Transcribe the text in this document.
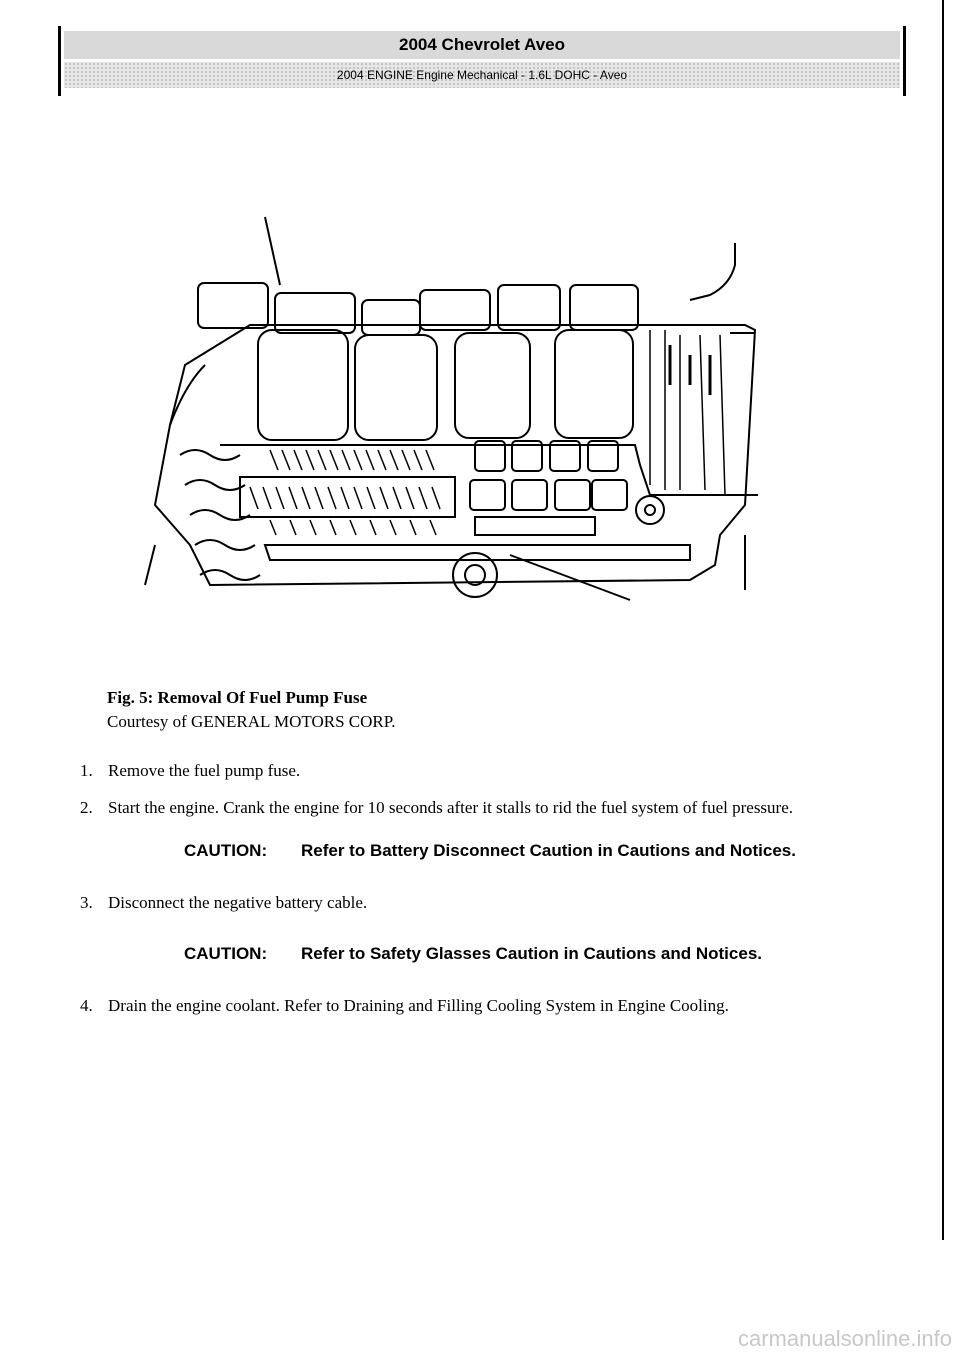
2004 Chevrolet Aveo
2004 ENGINE Engine Mechanical - 1.6L DOHC - Aveo
Fig. 5: Removal Of Fuel Pump Fuse
Courtesy of GENERAL MOTORS CORP.
1. Remove the fuel pump fuse.
2. Start the engine. Crank the engine for 10 seconds after it stalls to rid the fuel system of fuel pressure.
CAUTION: Refer to Battery Disconnect Caution in Cautions and Notices.
3. Disconnect the negative battery cable.
CAUTION: Refer to Safety Glasses Caution in Cautions and Notices.
4. Drain the engine coolant. Refer to Draining and Filling Cooling System in Engine Cooling.
carmanualsonline.info
